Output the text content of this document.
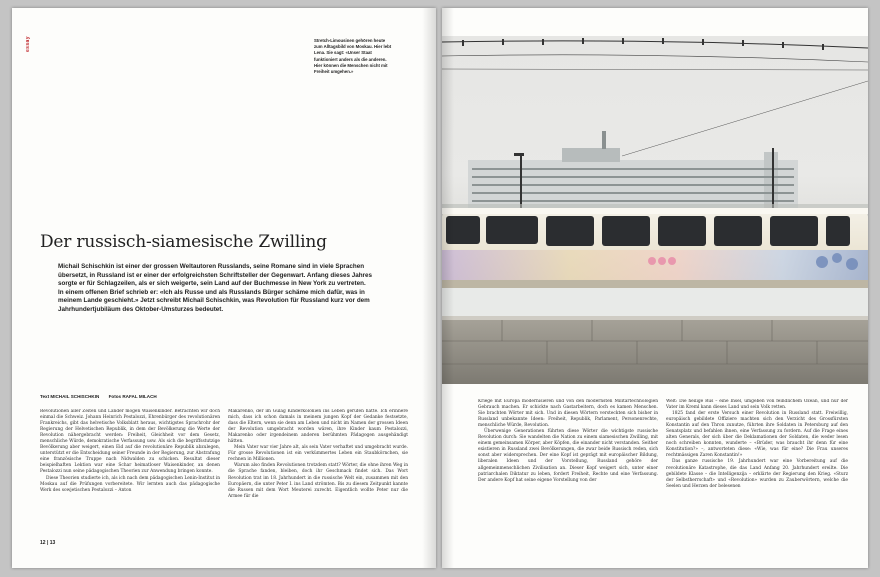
essay	Stretch-Limousinen gehören heute zum Alltagsbild von Moskau. Hier lebt Lena. Sie sagt: «Unser Staat funktioniert anders als die anderen. Hier können die Menschen nicht mit Freiheit umgehen.»
Der russisch-siamesische Zwilling
Michail Schischkin ist einer der grossen Weltautoren Russlands, seine Romane sind in viele Sprachen übersetzt, in Russland ist er einer der erfolgreichsten Schriftsteller der Gegenwart. Anfang dieses Jahres sorgte er für Schlagzeilen, als er sich weigerte, sein Land auf der Buchmesse in New York zu vertreten. In einem offenen Brief schrieb er: «Ich als Russe und als Russlands Bürger schäme mich dafür, was in meinem Lande geschieht.» Jetzt schreibt Michail Schischkin, was Revolution für Russland kurz vor dem Jahrhundertjubiläum des Oktober-Umsturzes bedeutet.
Text MICHAIL SCHISCHKIN Fotos RAFAL MILACH

Revolutionen aller Zeiten und Länder mögen Waisenkinder. Betrachten wir doch einmal die Schweiz. Johann Heinrich Pestalozzi, Ehrenbürger des revolutionären Frankreichs, gibt das helvetische Volksblatt heraus, wichtigstes Sprachrohr der Regierung der Helvetischen Republik, in dem der Bevölkerung die Werte der Revolution nähergebracht werden: Freiheit, Gleichheit vor dem Gesetz, menschliche Würde, demokratische Verfassung usw. Als sich die begriffsstutzige Bevölkerung aber weigert, einen Eid auf die revolutionäre Republik abzulegen, unterstützt er die Entscheidung seiner Freunde in der Regierung, zur Abstrafung eine französische Truppe nach Nidwalden zu schicken. Resultat dieser beispielhaften Lektion war eine Schar heimatloser Waisenkinder, an denen Pestalozzi nun seine pädagogischen Theorien zur Anwendung bringen konnte.

Diese Theorien studierte ich, als ich nach dem pädagogischen Lenin-Institut in Moskau auf die Prüfungen vorbereitete. Wir lernten auch das pädagogische Werk des sowjetischen Pestalozzi – Anton

Makarenko, der im Gulag Kinderkolonien ins Leben gerufen hatte. Ich erinnere mich, dass ich schon damals in meinem jungen Kopf der Gedanke festsetzte, dass die Eltern, wenn sie denn am Leben und nicht im Namen der grossen Ideen der Revolution umgebracht worden wären, ihre Kinder kaum Pestalozzi, Makarenko oder irgendeinem anderen berühmten Pädagogen ausgehändigt hätten.

Mein Vater war vier Jahre alt, als sein Vater verhaftet und umgebracht wurde. Für grosse Revolutionen ist ein verkümmertes Leben ein Staubkörnchen, sie rechnen in Millionen.

Warum also finden Revolutionen trotzdem statt? Wörter, die ohne ihren Weg in die Sprache fanden, bleiben, doch ihr Geschmack findet sich. Das Wort Revolution trat im 18. Jahrhundert in die russische Welt ein, zusammen mit den Europäern, die unter Peter I. ins Land strömten. Bis zu diesem Zeitpunkt kannte die Russen mit dem Wort Meuterei zurecht. Eigentlich wollte Peter nur die Armee für die

12 | 13

Kriege mit Europa modernisieren und von den modernsten Militärtechnologien Gebrauch machen. Er schickte nach Gastarbeitern, doch es kamen Menschen. Sie brachten Wörter mit sich. Und in diesen Wörtern versteckten sich bisher in Russland unbekannte Ideen: Freiheit, Republik, Parlament, Personenrechte, menschliche Würde, Revolution.

Überwenige Generationen führten diese Wörter die wichtigste russische Revolution durch: Sie wandelten die Nation zu einem siamesischen Zwilling, mit einem gemeinsamen Körper, aber Köpfen, die einander nicht verstanden. Seither existieren in Russland zwei Bevölkerungen, die zwar beide Russisch reden, sich sonst aber widersprechen. Der eine Kopf ist geprägt mit europäischer Bildung, liberalen Ideen und der Vorstellung, Russland gehöre der allgemeinmenschlichen Zivilisation an. Dieser Kopf weigert sich, unter einer patriarchalen Diktatur zu leben, fordert Freiheit, Rechte und eine Verfassung. Der andere Kopf hat seine eigene Vorstellung von der

Welt: Die heilige Rus – eine Insel, umgeben von feindlichem Ozean, und nur der Vater im Kreml kann dieses Land und sein Volk retten.

1825 fand der erste Versuch einer Revolution in Russland statt. Freiwillig, europäisch gebildete Offiziere machten sich den Verzicht des Grossfürsten Konstantin auf den Thron zunutze, führten ihre Soldaten in Petersburg auf den Senatsplatz und befahlen ihnen, eine Verfassung zu fordern. Auf die Frage eines alten Generals, der sich über die Deklamationen der Soldaten, die weder lesen noch schreiben konnten, wunderte – «Brüder, was braucht ihr denn für eine Konstitution?» –, antworteten diese: «Wie, was für eine? Die Frau unseres rechtmässigen Zaren Konstantin!»

Das ganze russische 19. Jahrhundert war eine Vorbereitung auf die revolutionäre Katastrophe, die das Land Anfang 20. Jahrhundert ereilte. Die gebildete Klasse – die Intelligenzija – erklärte der Regierung den Krieg. «Sturz der Selbstherrschaft» und «Revolution» wurden zu Zauberwörtern, welche die Seelen und Herzen der belesenen
